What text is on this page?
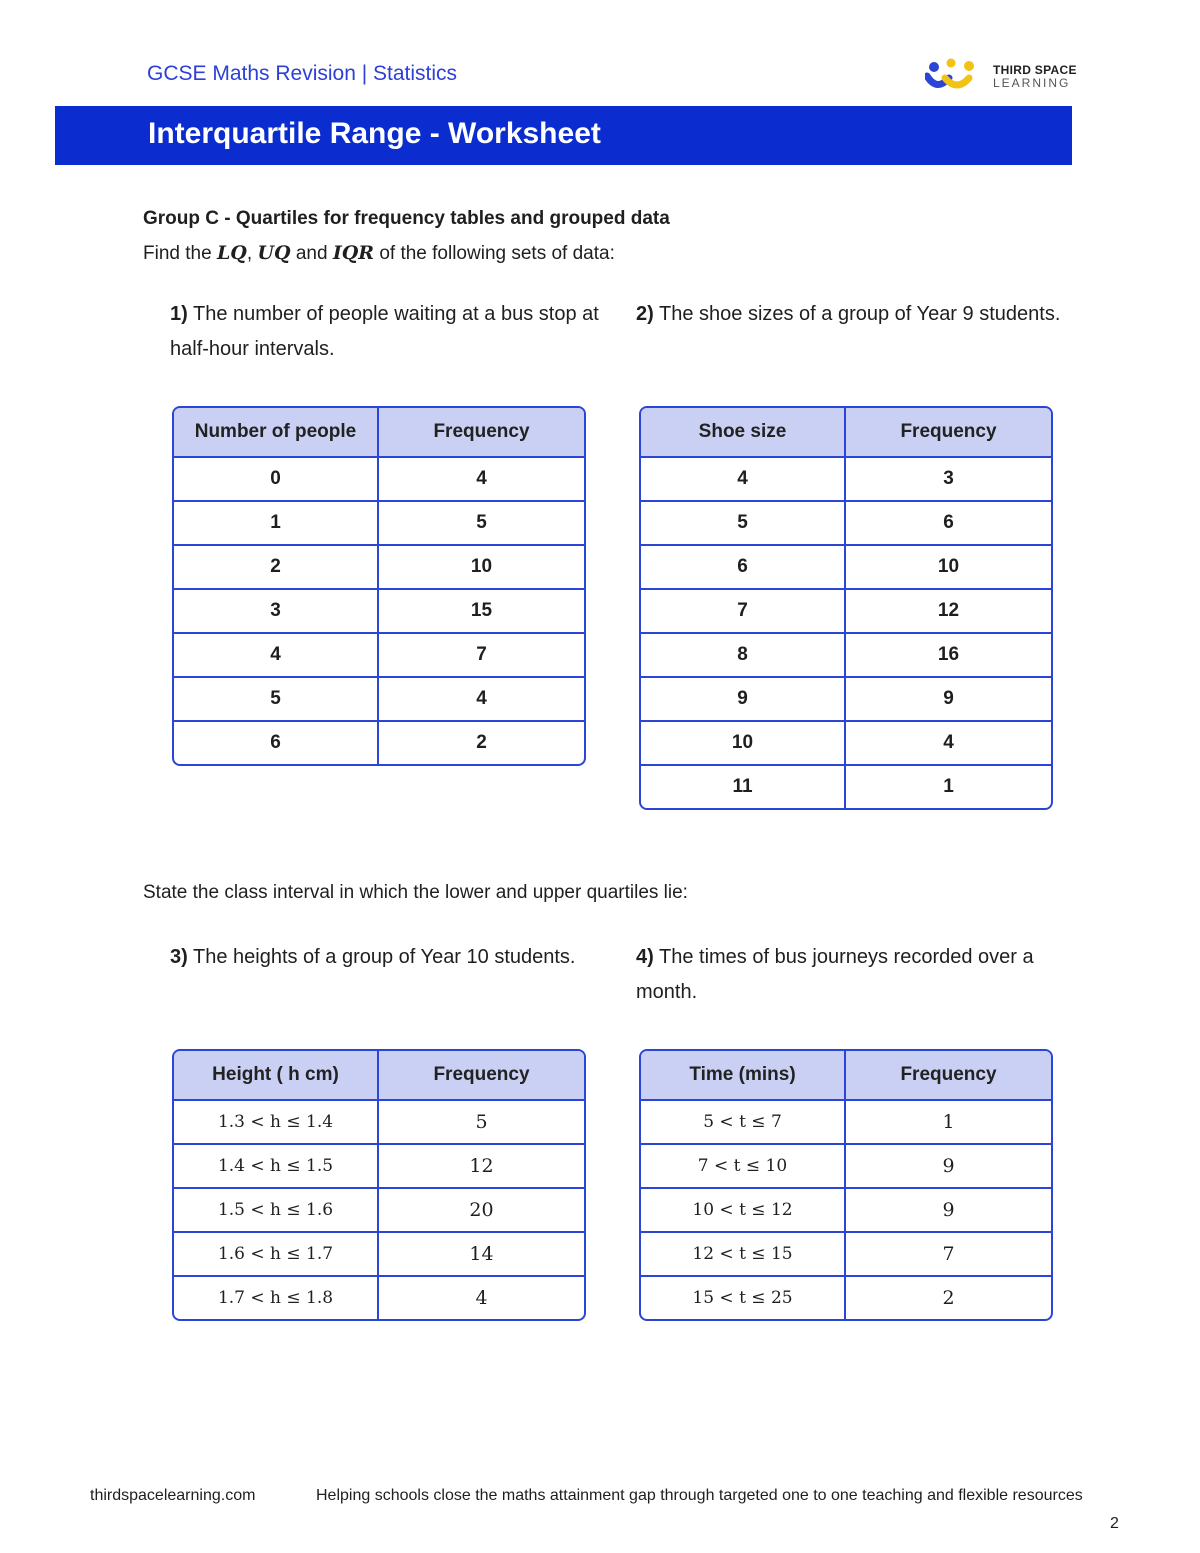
GCSE Maths Revision | Statistics	THIRD SPACE
LEARNING
Interquartile Range - Worksheet
Group C - Quartiles for frequency tables and grouped data
Find the LQ, UQ and IQR of the following sets of data:
1) The number of people waiting at a bus stop at half-hour intervals.
Number of people	Frequency
0	4
1	5
2	10
3	15
4	7
5	4
6	2
2) The shoe sizes of a group of Year 9 students.
Shoe size	Frequency
4	3
5	6
6	10
7	12
8	16
9	9
10	4
11	1
State the class interval in which the lower and upper quartiles lie:
3) The heights of a group of Year 10 students.
Height ( h cm)	Frequency
1.3 < h ≤ 1.4	5
1.4 < h ≤ 1.5	12
1.5 < h ≤ 1.6	20
1.6 < h ≤ 1.7	14
1.7 < h ≤ 1.8	4
4) The times of bus journeys recorded over a month.
Time (mins)	Frequency
5 < t ≤ 7	1
7 < t ≤ 10	9
10 < t ≤ 12	9
12 < t ≤ 15	7
15 < t ≤ 25	2
thirdspacelearning.com	Helping schools close the maths attainment gap through targeted one to one teaching and flexible resources
2
